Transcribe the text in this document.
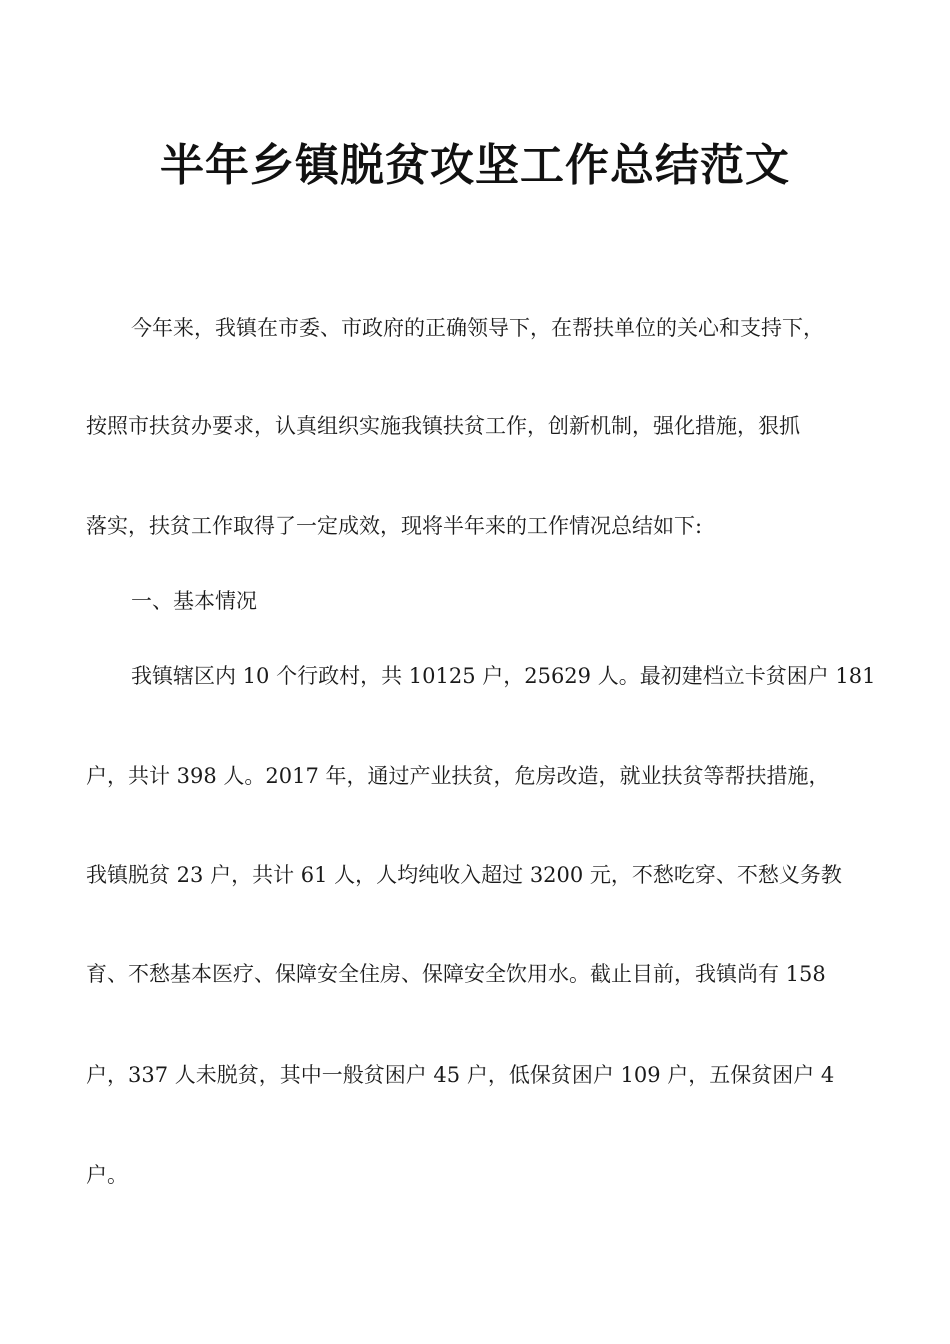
半年乡镇脱贫攻坚工作总结范文
今年来，我镇在市委、市政府的正确领导下，在帮扶单位的关心和支持下，
按照市扶贫办要求，认真组织实施我镇扶贫工作，创新机制，强化措施，狠抓
落实，扶贫工作取得了一定成效，现将半年来的工作情况总结如下:
一、基本情况
我镇辖区内 10 个行政村，共 10125 户，25629 人。最初建档立卡贫困户 181
户，共计 398 人。2017 年，通过产业扶贫，危房改造，就业扶贫等帮扶措施，
我镇脱贫 23 户，共计 61 人，人均纯收入超过 3200 元，不愁吃穿、不愁义务教
育、不愁基本医疗、保障安全住房、保障安全饮用水。截止目前，我镇尚有 158
户，337 人未脱贫，其中一般贫困户 45 户，低保贫困户 109 户，五保贫困户 4
户。
